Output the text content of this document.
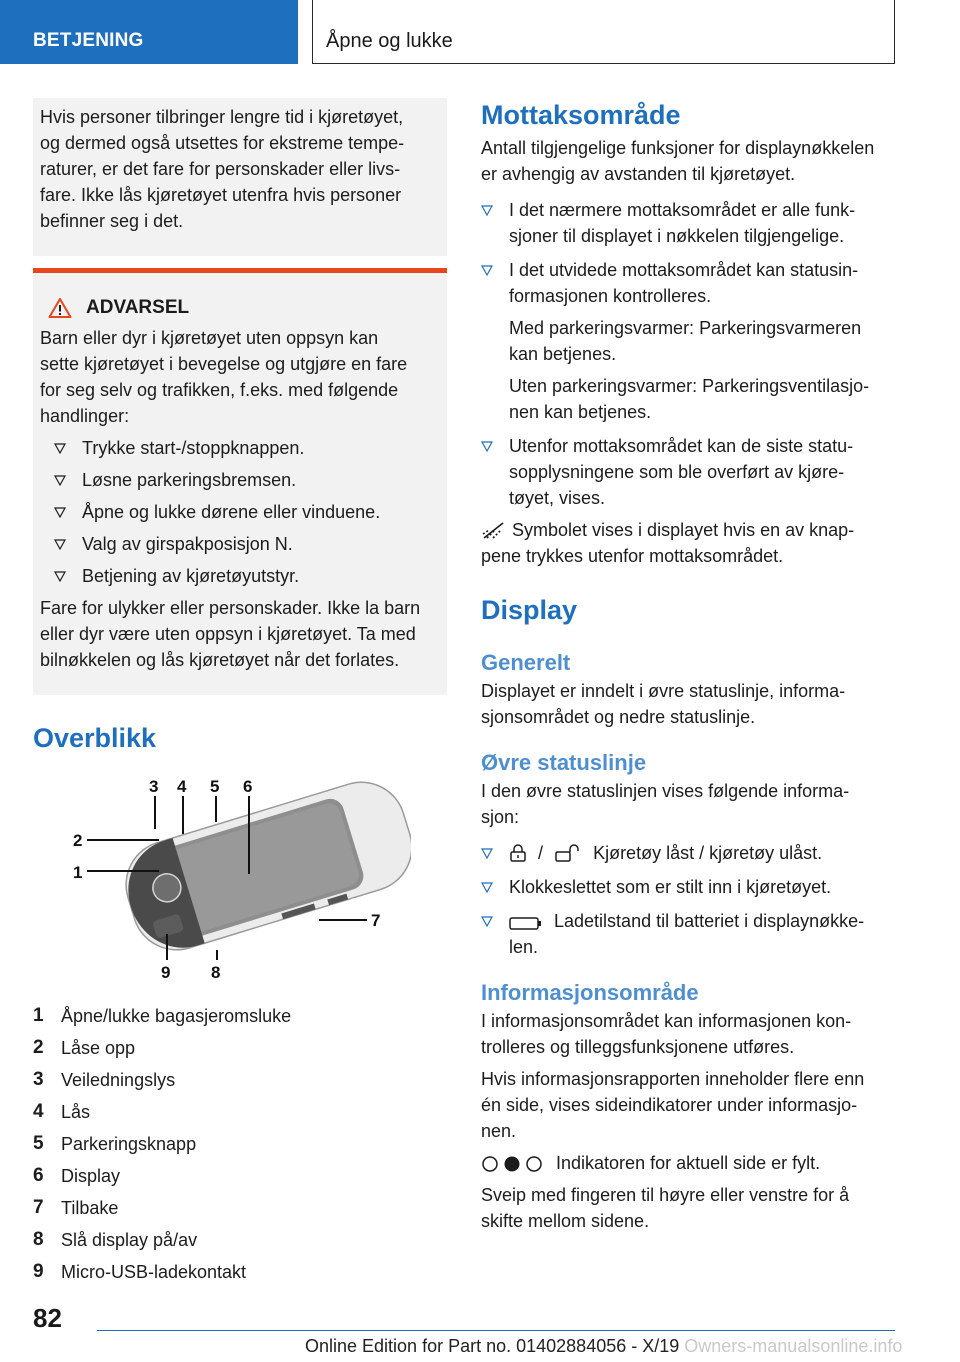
BETJENING	Åpne og lukke
Hvis personer tilbringer lengre tid i kjøretøyet,
og dermed også utsettes for ekstreme tempe-
raturer, er det fare for personskader eller livs-
fare. Ikke lås kjøretøyet utenfra hvis personer
befinner seg i det.
ADVARSEL
Barn eller dyr i kjøretøyet uten oppsyn kan
sette kjøretøyet i bevegelse og utgjøre en fare
for seg selv og trafikken, f.eks. med følgende
handlinger:
Trykke start-/stoppknappen.
Løsne parkeringsbremsen.
Åpne og lukke dørene eller vinduene.
Valg av girspakposisjon N.
Betjening av kjøretøyutstyr.
Fare for ulykker eller personskader. Ikke la barn
eller dyr være uten oppsyn i kjøretøyet. Ta med
bilnøkkelen og lås kjøretøyet når det forlates.
Overblikk
1
2
3 4 5 6
7
8
9
1 Åpne/lukke bagasjeromsluke
2 Låse opp
3 Veiledningslys
4 Lås
5 Parkeringsknapp
6 Display
7 Tilbake
8 Slå display på/av
9 Micro-USB-ladekontakt
Mottaksområde
Antall tilgjengelige funksjoner for displaynøkkelen
er avhengig av avstanden til kjøretøyet.
I det nærmere mottaksområdet er alle funk-
sjoner til displayet i nøkkelen tilgjengelige.

I det utvidede mottaksområdet kan statusin-
formasjonen kontrolleres.

Med parkeringsvarmer: Parkeringsvarmeren
kan betjenes.

Uten parkeringsvarmer: Parkeringsventilasjo-
nen kan betjenes.

Utenfor mottaksområdet kan de siste statu-
sopplysningene som ble overført av kjøre-
tøyet, vises.
Symbolet vises i displayet hvis en av knap-
pene trykkes utenfor mottaksområdet.
Display
Generelt
Displayet er inndelt i øvre statuslinje, informa-
sjonsområdet og nedre statuslinje.
Øvre statuslinje
I den øvre statuslinjen vises følgende informa-
sjon:
/	Kjøretøy låst / kjøretøy ulåst.
Klokkeslettet som er stilt inn i kjøretøyet.
Ladetilstand til batteriet i displaynøkke-
len.
Informasjonsområde
I informasjonsområdet kan informasjonen kon-
trolleres og tilleggsfunksjonene utføres.
Hvis informasjonsrapporten inneholder flere enn
én side, vises sideindikatorer under informasjo-
nen.
Indikatoren for aktuell side er fylt.
Sveip med fingeren til høyre eller venstre for å
skifte mellom sidene.
82
Online Edition for Part no. 01402884056 - X/19 Owners-manualsonline.info
